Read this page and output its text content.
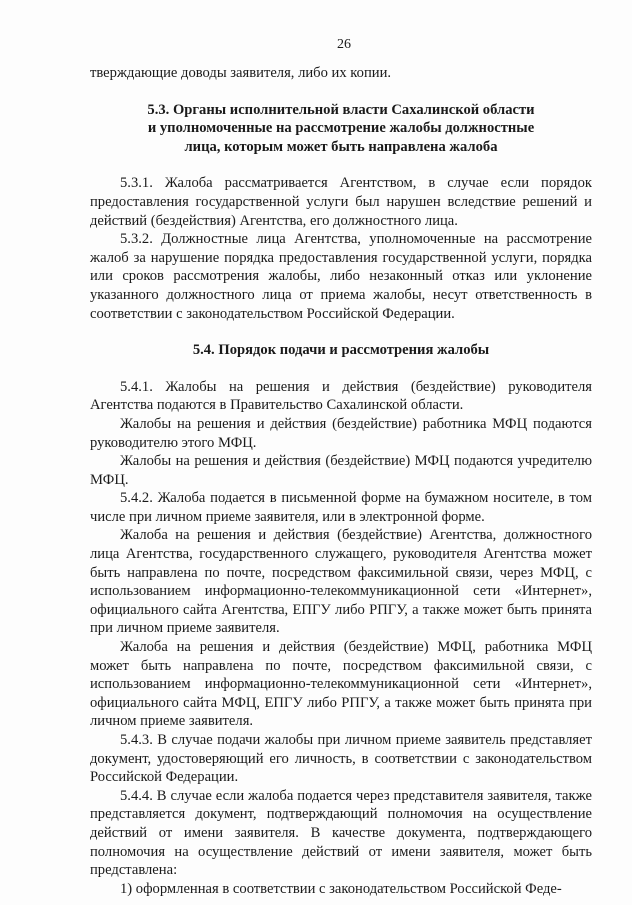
26

тверждающие доводы заявителя, либо их копии.

5.3. Органы исполнительной власти Сахалинской области
и уполномоченные на рассмотрение жалобы должностные
лица, которым может быть направлена жалоба

5.3.1. Жалоба рассматривается Агентством, в случае если порядок предоставления государственной услуги был нарушен вследствие решений и действий (бездействия) Агентства, его должностного лица.

5.3.2. Должностные лица Агентства, уполномоченные на рассмотрение жалоб за нарушение порядка предоставления государственной услуги, порядка или сроков рассмотрения жалобы, либо незаконный отказ или уклонение указанного должностного лица от приема жалобы, несут ответственность в соответствии с законодательством Российской Федерации.

5.4. Порядок подачи и рассмотрения жалобы

5.4.1. Жалобы на решения и действия (бездействие) руководителя Агентства подаются в Правительство Сахалинской области.

Жалобы на решения и действия (бездействие) работника МФЦ подаются руководителю этого МФЦ.

Жалобы на решения и действия (бездействие) МФЦ подаются учредителю МФЦ.

5.4.2. Жалоба подается в письменной форме на бумажном носителе, в том числе при личном приеме заявителя, или в электронной форме.

Жалоба на решения и действия (бездействие) Агентства, должностного лица Агентства, государственного служащего, руководителя Агентства может быть направлена по почте, посредством факсимильной связи, через МФЦ, с использованием информационно-телекоммуникационной сети «Интернет», официального сайта Агентства, ЕПГУ либо РПГУ, а также может быть принята при личном приеме заявителя.

Жалоба на решения и действия (бездействие) МФЦ, работника МФЦ может быть направлена по почте, посредством факсимильной связи, с использованием информационно-телекоммуникационной сети «Интернет», официального сайта МФЦ, ЕПГУ либо РПГУ, а также может быть принята при личном приеме заявителя.

5.4.3. В случае подачи жалобы при личном приеме заявитель представляет документ, удостоверяющий его личность, в соответствии с законодательством Российской Федерации.

5.4.4. В случае если жалоба подается через представителя заявителя, также представляется документ, подтверждающий полномочия на осуществление действий от имени заявителя. В качестве документа, подтверждающего полномочия на осуществление действий от имени заявителя, может быть представлена:

1) оформленная в соответствии с законодательством Российской Феде-
